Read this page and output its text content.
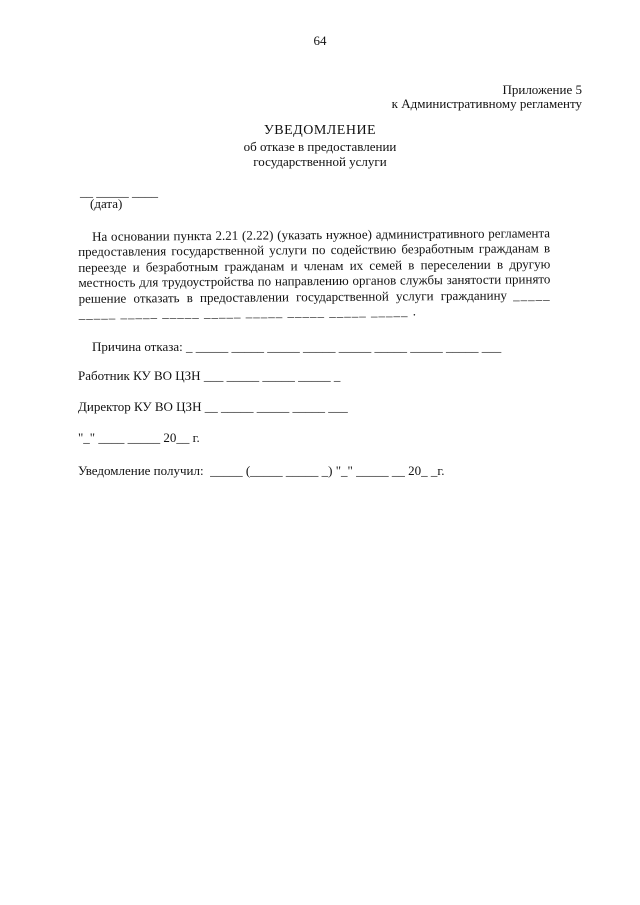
64
Приложение 5
к Административному регламенту
УВЕДОМЛЕНИЕ
об отказе в предоставлении
государственной услуги
__ _____ ____
(дата)

На основании пункта 2.21 (2.22) (указать нужное) административного регламента предоставления государственной услуги по содействию безработным гражданам в переезде и безработным гражданам и членам их семей в переселении в другую местность для трудоустройства по направлению органов службы занятости принято решение отказать в предоставлении государственной услуги гражданину _____ _____ _____ _____ _____ _____ _____ _____ _____ .

Причина отказа: _ _____ _____ _____ _____ _____ _____ _____ _____ ___
Работник КУ ВО ЦЗН ___ _____ _____ _____ _
Директор КУ ВО ЦЗН __ _____ _____ _____ ___
"_" ____ _____ 20__ г.
Уведомление получил:  _____ (_____ _____ _) "_" _____ __ 20_ _г.
